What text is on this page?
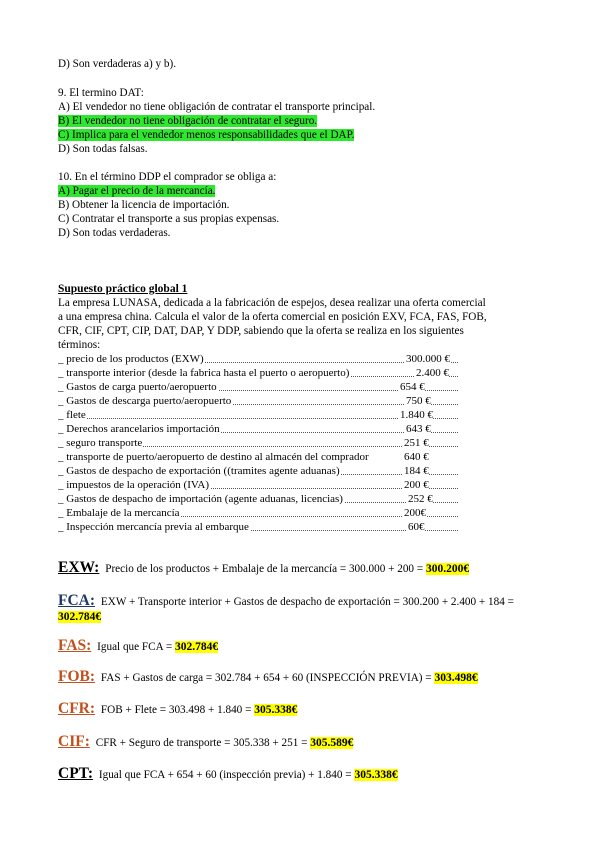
D) Son verdaderas a) y b).
9. El termino DAT:
A) El vendedor no tiene obligación de contratar el transporte principal.
B) El vendedor no tiene obligación de contratar el seguro.
C) Implica para el vendedor menos responsabilidades que el DAP.
D) Son todas falsas.
10. En el término DDP el comprador se obliga a:
A) Pagar el precio de la mercancía.
B) Obtener la licencia de importación.
C) Contratar el transporte a sus propias expensas.
D) Son todas verdaderas.
Supuesto práctico global 1
La empresa LUNASA, dedicada a la fabricación de espejos, desea realizar una oferta comercial
a una empresa china. Calcula el valor de la oferta comercial en posición EXV, FCA, FAS, FOB,
CFR, CIF, CPT, CIP, DAT, DAP, Y DDP, sabiendo que la oferta se realiza en los siguientes
términos:
_ precio de los productos (EXW)	300.000 €
_ transporte interior (desde la fabrica hasta el puerto o aeropuerto)	2.400 €
_ Gastos de carga puerto/aeropuerto	654 €
_ Gastos de descarga puerto/aeropuerto	750 €
_ flete	1.840 €
_ Derechos arancelarios importación	643 €
_ seguro transporte	251 €
_ transporte de puerto/aeropuerto de destino al almacén del comprador	640 €
_ Gastos de despacho de exportación ((tramites agente aduanas)	184 €
_ impuestos de la operación (IVA)	200 €
_ Gastos de despacho de importación (agente aduanas, licencias)	252 €
_ Embalaje de la mercancía	200€
_ Inspección mercancía previa al embarque	60€
EXW: Precio de los productos + Embalaje de la mercancía = 300.000 + 200 = 300.200€
FCA: EXW + Transporte interior + Gastos de despacho de exportación = 300.200 + 2.400 + 184 =
302.784€
FAS: Igual que FCA = 302.784€
FOB: FAS + Gastos de carga = 302.784 + 654 + 60 (INSPECCIÓN PREVIA) = 303.498€
CFR: FOB + Flete = 303.498 + 1.840 = 305.338€
CIF: CFR + Seguro de transporte = 305.338 + 251 = 305.589€
CPT: Igual que FCA + 654 + 60 (inspección previa) + 1.840 = 305.338€
